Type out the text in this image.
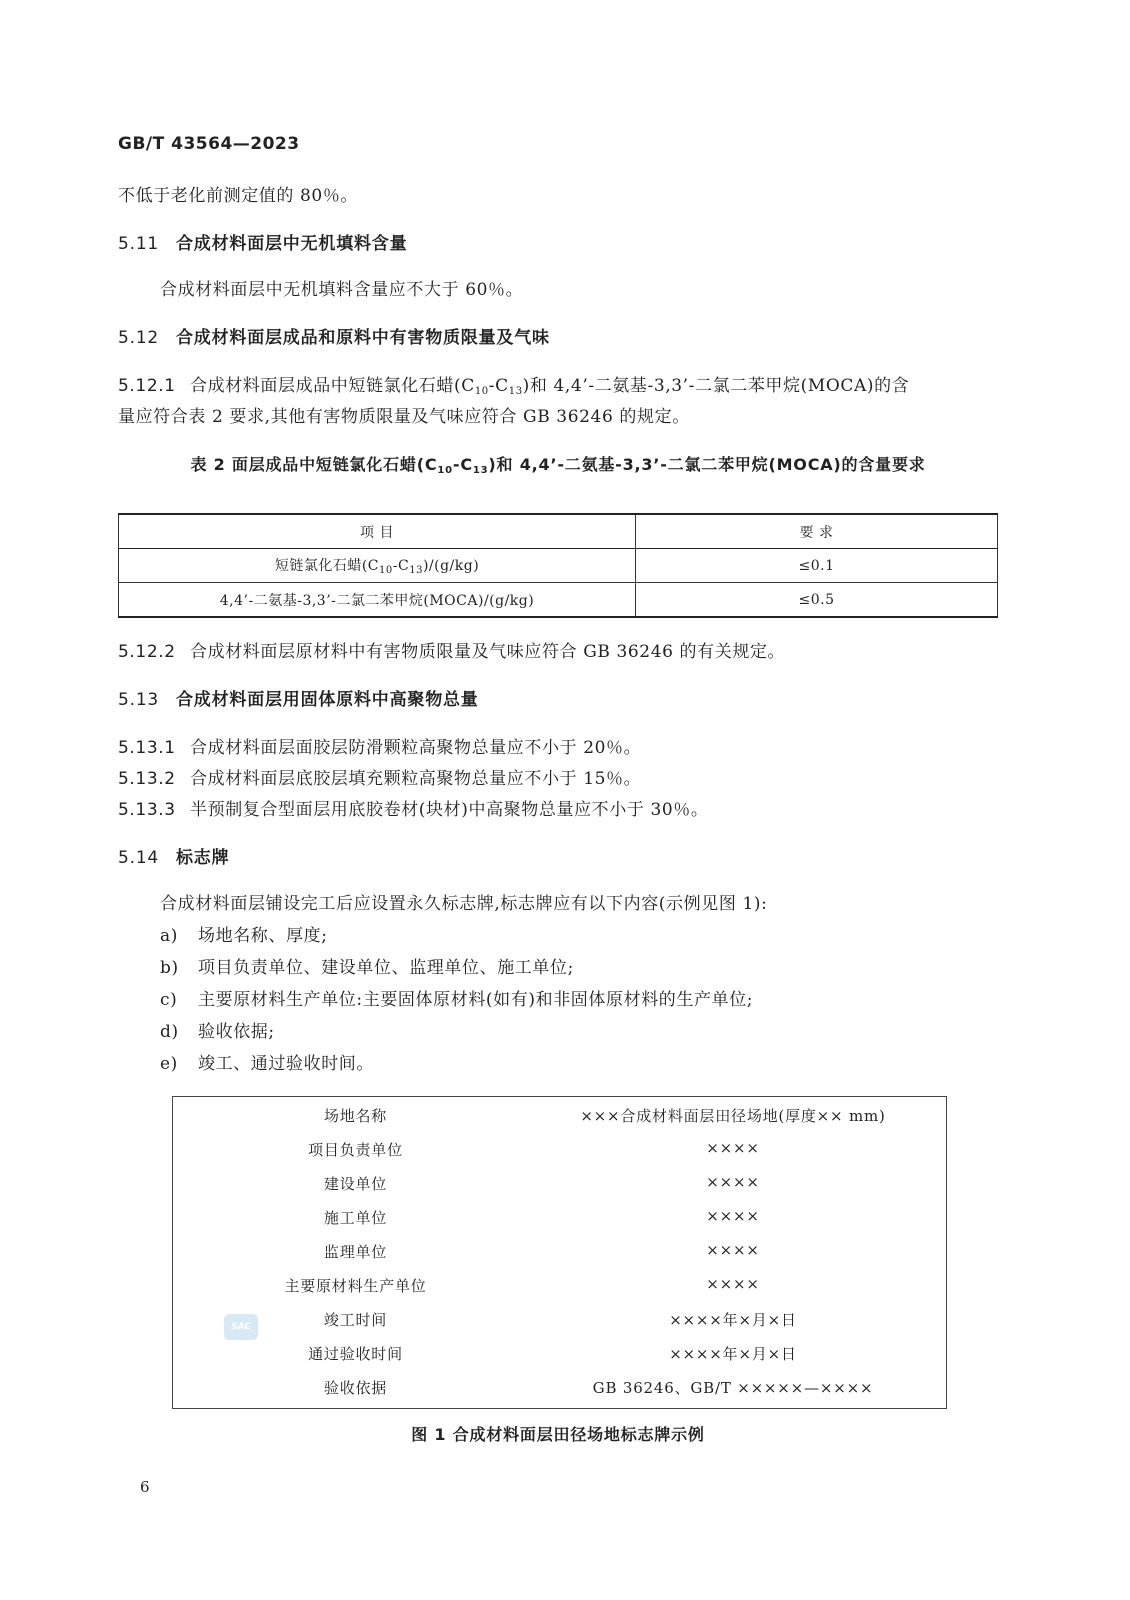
GB/T 43564—2023
不低于老化前测定值的 80％。
5.11 合成材料面层中无机填料含量
合成材料面层中无机填料含量应不大于 60％。
5.12 合成材料面层成品和原料中有害物质限量及气味
5.12.1 合成材料面层成品中短链氯化石蜡$(C_{10}-C_{13})$和 4,4’-二氨基-3,3’-二氯二苯甲烷(MOCA)的含
量应符合表 2 要求,其他有害物质限量及气味应符合 GB 36246 的规定。
表 2 面层成品中短链氯化石蜡$(C_{10}-C_{13})$和 4,4’-二氨基-3,3’-二氯二苯甲烷(MOCA)的含量要求
项 目	要 求
短链氯化石蜡$(C_{10}-C_{13})/(g/kg)$	≤0.1
4,4’-二氨基-3,3’-二氯二苯甲烷(MOCA)/(g/kg)	≤0.5
5.12.2 合成材料面层原材料中有害物质限量及气味应符合 GB 36246 的有关规定。
5.13 合成材料面层用固体原料中高聚物总量
5.13.1 合成材料面层面胶层防滑颗粒高聚物总量应不小于 20％。
5.13.2 合成材料面层底胶层填充颗粒高聚物总量应不小于 15％。
5.13.3 半预制复合型面层用底胶卷材(块材)中高聚物总量应不小于 30％。
5.14 标志牌
合成材料面层铺设完工后应设置永久标志牌,标志牌应有以下内容(示例见图 1):
a) 场地名称、厚度;
b) 项目负责单位、建设单位、监理单位、施工单位;
c) 主要原材料生产单位:主要固体原材料(如有)和非固体原材料的生产单位;
d) 验收依据;
e) 竣工、通过验收时间。
场地名称	×××合成材料面层田径场地(厚度×× mm)
项目负责单位	××××
建设单位	××××
施工单位	××××
监理单位	××××
主要原材料生产单位	××××
竣工时间	××××年×月×日
通过验收时间	××××年×月×日
验收依据	GB 36246、GB/T ×××××—××××
SAC
图 1 合成材料面层田径场地标志牌示例
6
